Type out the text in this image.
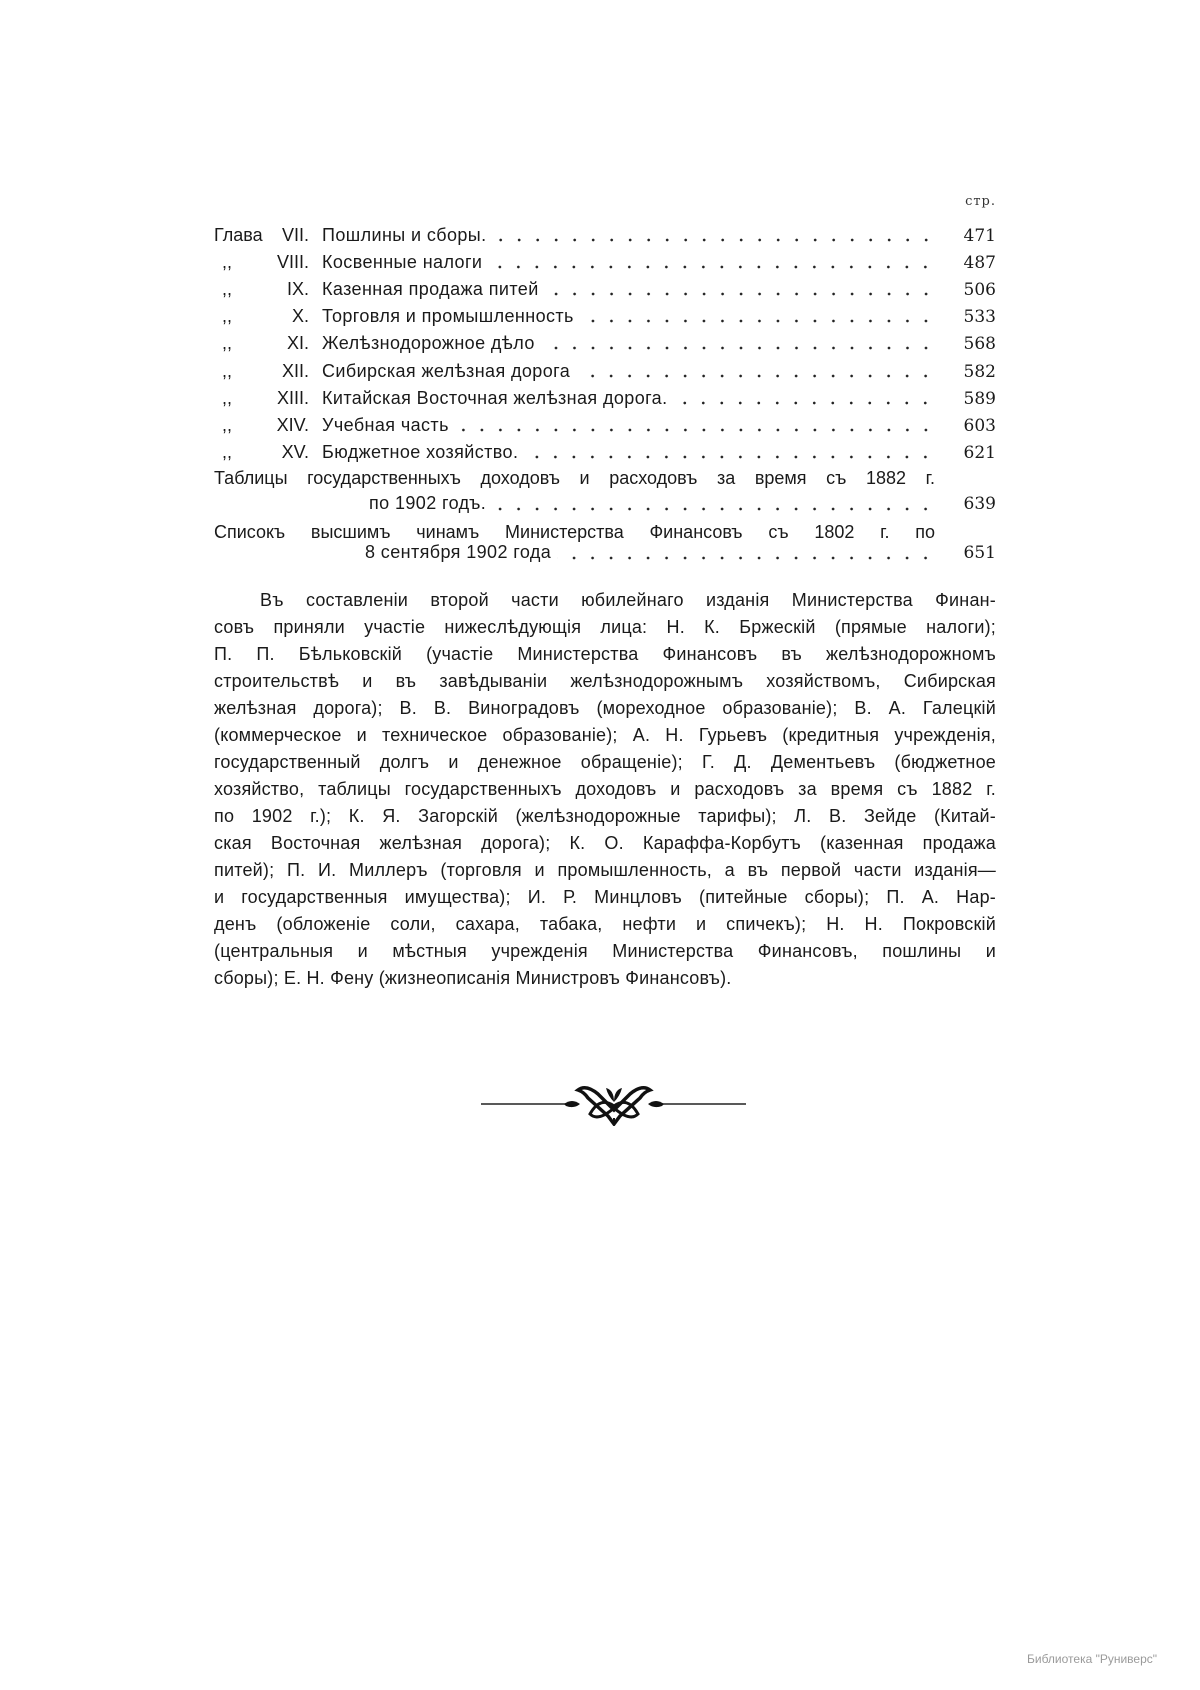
стр.
Глава VII. Пошлины и сборы.	471
,, VIII. Косвенные налоги	487
,,	IX. Казенная продажа питей	506
,,	X. Торговля и промышленность	533
,,	XI. Желѣзнодорожное дѣло	568
,,	XII. Сибирская желѣзная дорога	582
,, XIII. Китайская Восточная желѣзная дорога.	589
,, XIV. Учебная часть	603
,,	XV. Бюджетное хозяйство.	621
Таблицы государственныхъ доходовъ и расходовъ за время съ 1882 г.
по 1902 годъ.	639
Списокъ высшимъ чинамъ Министерства Финансовъ съ 1802 г. по
8 сентября 1902 года	651
Въ составленіи второй части юбилейнаго изданія Министерства Финан-
совъ приняли участіе нижеслѣдующія лица: Н. К. Бржескій (прямые налоги);
П. П. Бѣльковскій (участіе Министерства Финансовъ въ желѣзнодорожномъ
строительствѣ и въ завѣдываніи желѣзнодорожнымъ хозяйствомъ, Сибирская
желѣзная дорога); В. В. Виноградовъ (мореходное образованіе); В. А. Галецкій
(коммерческое и техническое образованіе); А. Н. Гурьевъ (кредитныя учрежденія,
государственный долгъ и денежное обращеніе); Г. Д. Дементьевъ (бюджетное
хозяйство, таблицы государственныхъ доходовъ и расходовъ за время съ 1882 г.
по 1902 г.); К. Я. Загорскій (желѣзнодорожные тарифы); Л. В. Зейде (Китай-
ская Восточная желѣзная дорога); К. О. Караффа-Корбутъ (казенная продажа
питей); П. И. Миллеръ (торговля и промышленность, а въ первой части изданія—
и государственныя имущества); И. Р. Минцловъ (питейные сборы); П. А. Нар-
денъ (обложеніе соли, сахара, табака, нефти и спичекъ); Н. Н. Покровскій
(центральныя и мѣстныя учрежденія Министерства Финансовъ, пошлины и
сборы); Е. Н. Фену (жизнеописанія Министровъ Финансовъ).
Библиотека "Руниверс"
